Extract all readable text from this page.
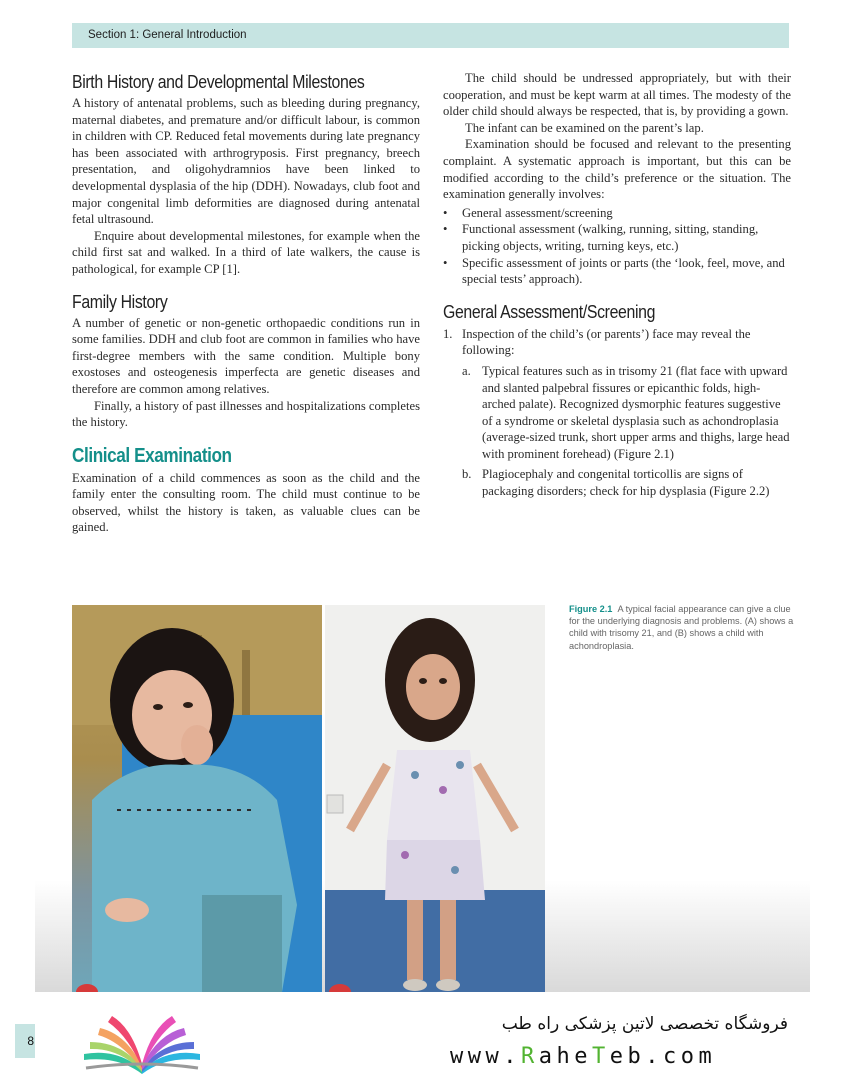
Section 1: General Introduction
Birth History and Developmental Milestones

A history of antenatal problems, such as bleeding during pregnancy, maternal diabetes, and premature and/or difficult labour, is common in children with CP. Reduced fetal movements during late pregnancy has been associated with arthrogryposis. First pregnancy, breech presentation, and oligohydramnios have been linked to developmental dysplasia of the hip (DDH). Nowadays, club foot and major congenital limb deformities are diagnosed during antenatal fetal ultrasound.

Enquire about developmental milestones, for example when the child first sat and walked. In a third of late walkers, the cause is pathological, for example CP [1].

Family History

A number of genetic or non-genetic orthopaedic conditions run in some families. DDH and club foot are common in families who have first-degree members with the same condition. Multiple bony exostoses and osteogenesis imperfecta are genetic diseases and therefore are common among relatives.

Finally, a history of past illnesses and hospitalizations completes the history.

Clinical Examination

Examination of a child commences as soon as the child and the family enter the consulting room. The child must continue to be observed, whilst the history is taken, as valuable clues can be gained.

The child should be undressed appropriately, but with their cooperation, and must be kept warm at all times. The modesty of the older child should always be respected, that is, by providing a gown.

The infant can be examined on the parent’s lap.

Examination should be focused and relevant to the presenting complaint. A systematic approach is important, but this can be modified according to the child’s preference or the situation. The examination generally involves:

• General assessment/screening
• Functional assessment (walking, running, sitting, standing, picking objects, writing, turning keys, etc.)
• Specific assessment of joints or parts (the ‘look, feel, move, and special tests’ approach).
General Assessment/Screening
1. Inspection of the child’s (or parents’) face may reveal the following:
a. Typical features such as in trisomy 21 (flat face with upward and slanted palpebral fissures or epicanthic folds, high-arched palate). Recognized dysmorphic features suggestive of a syndrome or skeletal dysplasia such as achondroplasia (average-sized trunk, short upper arms and thighs, large head with prominent forehead) (Figure 2.1)
b. Plagiocephaly and congenital torticollis are signs of packaging disorders; check for hip dysplasia (Figure 2.2)
Figure 2.1 A typical facial appearance can give a clue for the underlying diagnosis and problems. (A) shows a child with trisomy 21, and (B) shows a child with achondroplasia.
8
فروشگاه تخصصی لاتین پزشکی راه طب
www.RaheTeb.com
